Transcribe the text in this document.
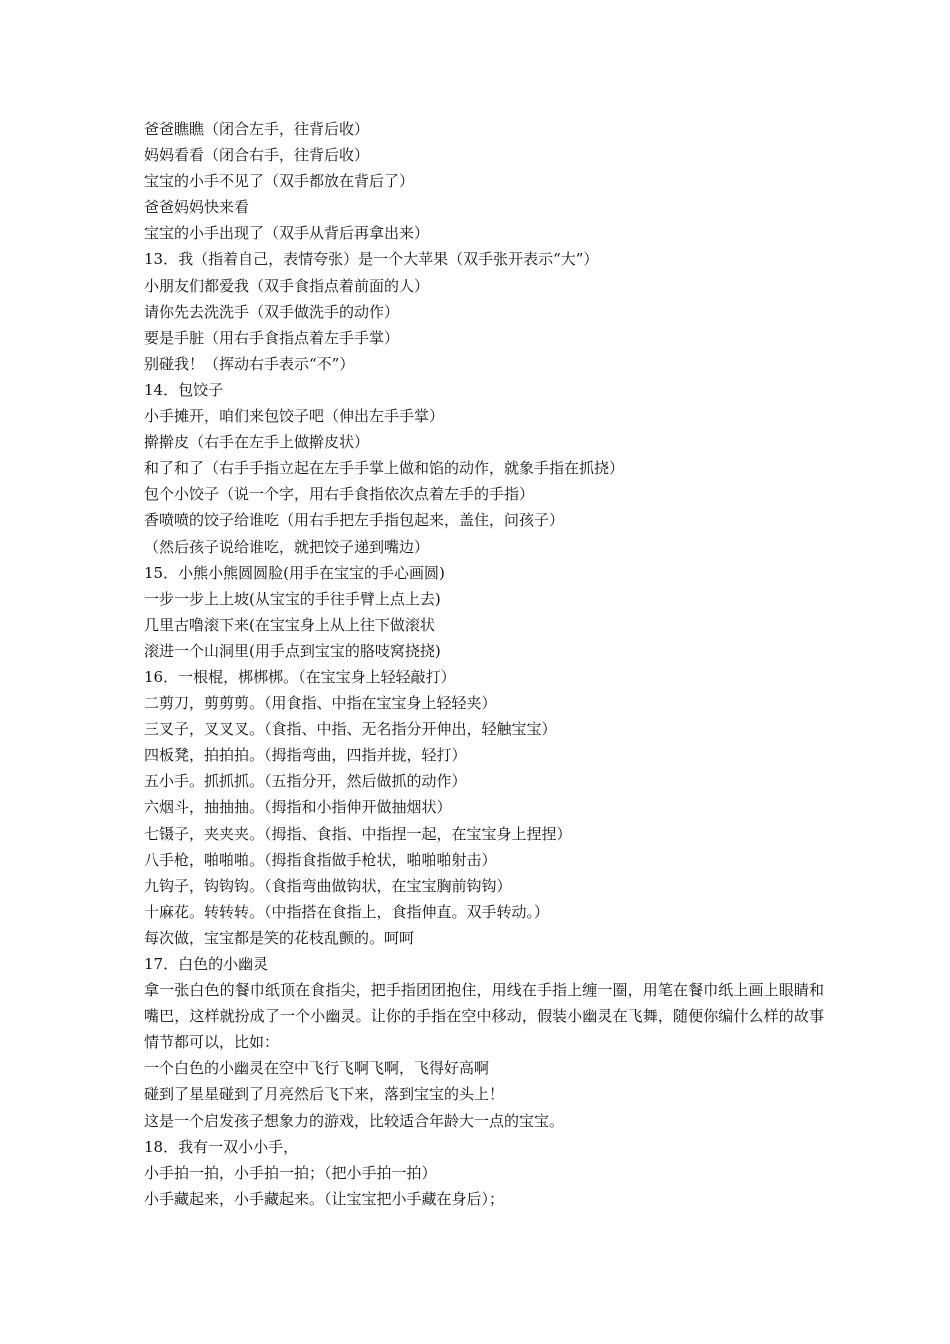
爸爸瞧瞧（闭合左手，往背后收）
妈妈看看（闭合右手，往背后收）
宝宝的小手不见了（双手都放在背后了）
爸爸妈妈快来看
宝宝的小手出现了（双手从背后再拿出来）
13．我（指着自己，表情夸张）是一个大苹果（双手张开表示“大”）
小朋友们都爱我（双手食指点着前面的人）
请你先去洗洗手（双手做洗手的动作）
要是手脏（用右手食指点着左手手掌）
别碰我！（挥动右手表示“不”）
14．包饺子
小手摊开，咱们来包饺子吧（伸出左手手掌）
擀擀皮（右手在左手上做擀皮状）
和了和了（右手手指立起在左手手掌上做和馅的动作，就象手指在抓挠）
包个小饺子（说一个字，用右手食指依次点着左手的手指）
香喷喷的饺子给谁吃（用右手把左手指包起来，盖住，问孩子）
（然后孩子说给谁吃，就把饺子递到嘴边）
15．小熊小熊圆圆脸(用手在宝宝的手心画圆)
一步一步上上坡(从宝宝的手往手臂上点上去)
几里古噜滚下来(在宝宝身上从上往下做滚状
滚进一个山洞里(用手点到宝宝的胳吱窝挠挠)
16．一根棍，梆梆梆。（在宝宝身上轻轻敲打）
二剪刀，剪剪剪。（用食指、中指在宝宝身上轻轻夹）
三叉子，叉叉叉。（食指、中指、无名指分开伸出，轻触宝宝）
四板凳，拍拍拍。（拇指弯曲，四指并拢，轻打）
五小手。抓抓抓。（五指分开，然后做抓的动作）
六烟斗，抽抽抽。（拇指和小指伸开做抽烟状）
七镊子，夹夹夹。（拇指、食指、中指捏一起，在宝宝身上捏捏）
八手枪，啪啪啪。（拇指食指做手枪状，啪啪啪射击）
九钩子，钩钩钩。（食指弯曲做钩状，在宝宝胸前钩钩）
十麻花。转转转。（中指搭在食指上，食指伸直。双手转动。）
每次做，宝宝都是笑的花枝乱颤的。呵呵
17．白色的小幽灵
拿一张白色的餐巾纸顶在食指尖，把手指团团抱住，用线在手指上缠一圈，用笔在餐巾纸上画上眼睛和嘴巴，这样就扮成了一个小幽灵。让你的手指在空中移动，假装小幽灵在飞舞，随便你编什么样的故事情节都可以，比如：
一个白色的小幽灵在空中飞行飞啊飞啊，飞得好高啊
碰到了星星碰到了月亮然后飞下来，落到宝宝的头上！
这是一个启发孩子想象力的游戏，比较适合年龄大一点的宝宝。
18．我有一双小小手，
小手拍一拍，小手拍一拍；（把小手拍一拍）
小手藏起来，小手藏起来。（让宝宝把小手藏在身后）；
